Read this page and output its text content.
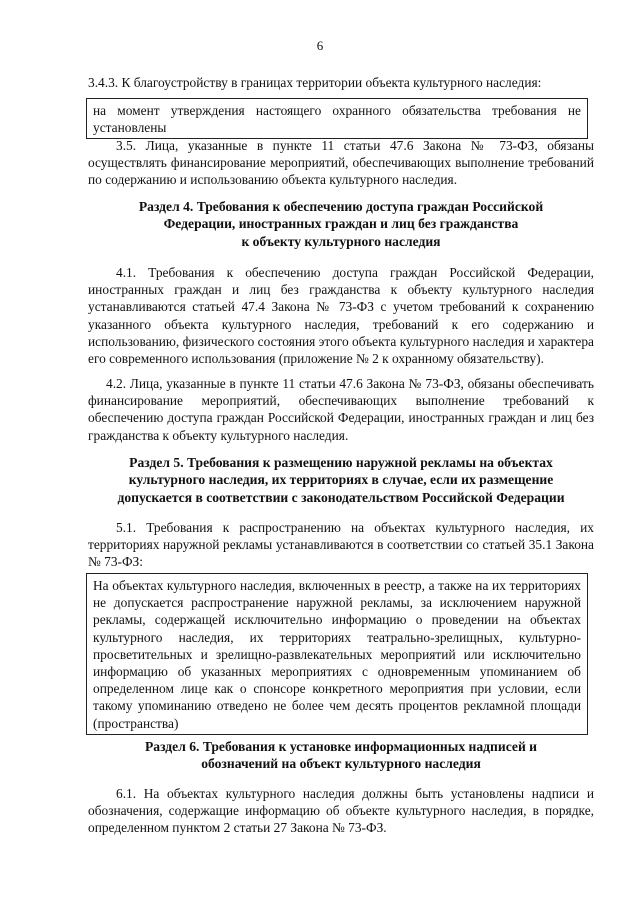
6
3.4.3. К благоустройству в границах территории объекта культурного наследия:
на момент утверждения настоящего охранного обязательства требования не установлены
3.5. Лица, указанные в пункте 11 статьи 47.6 Закона № 73-ФЗ, обязаны осуществлять финансирование мероприятий, обеспечивающих выполнение требований по содержанию и использованию объекта культурного наследия.
Раздел 4. Требования к обеспечению доступа граждан Российской
Федерации, иностранных граждан и лиц без гражданства
к объекту культурного наследия
4.1. Требования к обеспечению доступа граждан Российской Федерации, иностранных граждан и лиц без гражданства к объекту культурного наследия устанавливаются статьей 47.4 Закона № 73-ФЗ с учетом требований к сохранению указанного объекта культурного наследия, требований к его содержанию и использованию, физического состояния этого объекта культурного наследия и характера его современного использования (приложение № 2 к охранному обязательству).
4.2. Лица, указанные в пункте 11 статьи 47.6 Закона № 73-ФЗ, обязаны обеспечивать финансирование мероприятий, обеспечивающих выполнение требований к обеспечению доступа граждан Российской Федерации, иностранных граждан и лиц без гражданства к объекту культурного наследия.
Раздел 5. Требования к размещению наружной рекламы на объектах
культурного наследия, их территориях в случае, если их размещение
допускается в соответствии с законодательством Российской Федерации
5.1. Требования к распространению на объектах культурного наследия, их территориях наружной рекламы устанавливаются в соответствии со статьей 35.1 Закона № 73-ФЗ:
На объектах культурного наследия, включенных в реестр, а также на их территориях не допускается распространение наружной рекламы, за исключением наружной рекламы, содержащей исключительно информацию о проведении на объектах культурного наследия, их территориях театрально-зрелищных, культурно-просветительных и зрелищно-развлекательных мероприятий или исключительно информацию об указанных мероприятиях с одновременным упоминанием об определенном лице как о спонсоре конкретного мероприятия при условии, если такому упоминанию отведено не более чем десять процентов рекламной площади (пространства)
Раздел 6. Требования к установке информационных надписей и
обозначений на объект культурного наследия
6.1. На объектах культурного наследия должны быть установлены надписи и обозначения, содержащие информацию об объекте культурного наследия, в порядке, определенном пунктом 2 статьи 27 Закона № 73-ФЗ.
